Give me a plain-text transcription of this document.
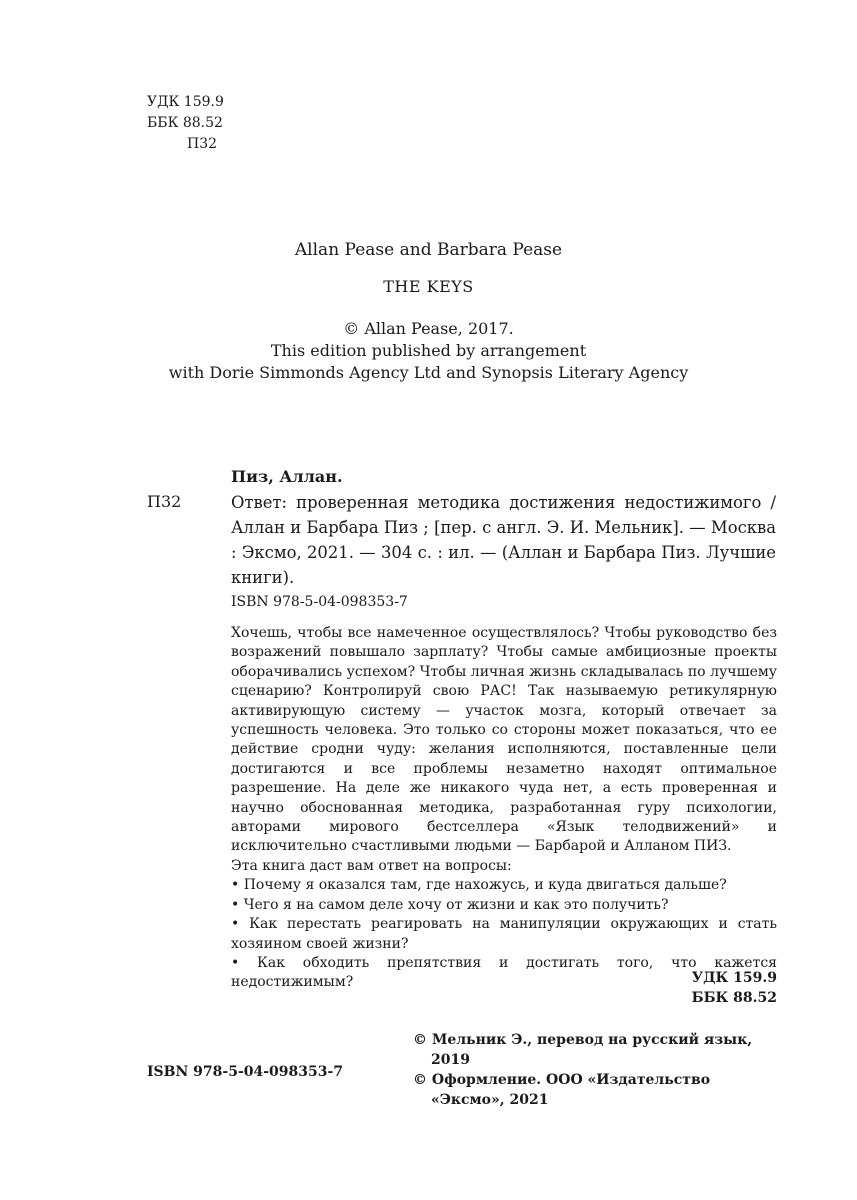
УДК 159.9
ББК 88.52
П32
Allan Pease and Barbara Pease
THE KEYS
© Allan Pease, 2017.
This edition published by arrangement
with Dorie Simmonds Agency Ltd and Synopsis Literary Agency
Пиз, Аллан.
П32	Ответ: проверенная методика достижения недостижимого / Аллан и Барбара Пиз ; [пер. с англ. Э. И. Мельник]. — Москва : Эксмо, 2021. — 304 с. : ил. — (Аллан и Барбара Пиз. Лучшие книги).
ISBN 978-5-04-098353-7

Хочешь, чтобы все намеченное осуществлялось? Чтобы руководство без возражений повышало зарплату? Чтобы самые амбициозные проекты оборачивались успехом? Чтобы личная жизнь складывалась по лучшему сценарию? Контролируй свою РАС! Так называемую ретикулярную активирующую систему — участок мозга, который отвечает за успешность человека. Это только со стороны может показаться, что ее действие сродни чуду: желания исполняются, поставленные цели достигаются и все проблемы незаметно находят оптимальное разрешение. На деле же никакого чуда нет, а есть проверенная и научно обоснованная методика, разработанная гуру психологии, авторами мирового бестселлера «Язык телодвижений» и исключительно счастливыми людьми — Барбарой и Алланом ПИЗ.

Эта книга даст вам ответ на вопросы:

• Почему я оказался там, где нахожусь, и куда двигаться дальше?

• Чего я на самом деле хочу от жизни и как это получить?

• Как перестать реагировать на манипуляции окружающих и стать хозяином своей жизни?

• Как обходить препятствия и достигать того, что кажется недостижимым?	УДК 159.9
ББК 88.52
© Мельник Э., перевод на русский язык, 2019
© Оформление. ООО «Издательство «Эксмо», 2021
ISBN 978-5-04-098353-7
